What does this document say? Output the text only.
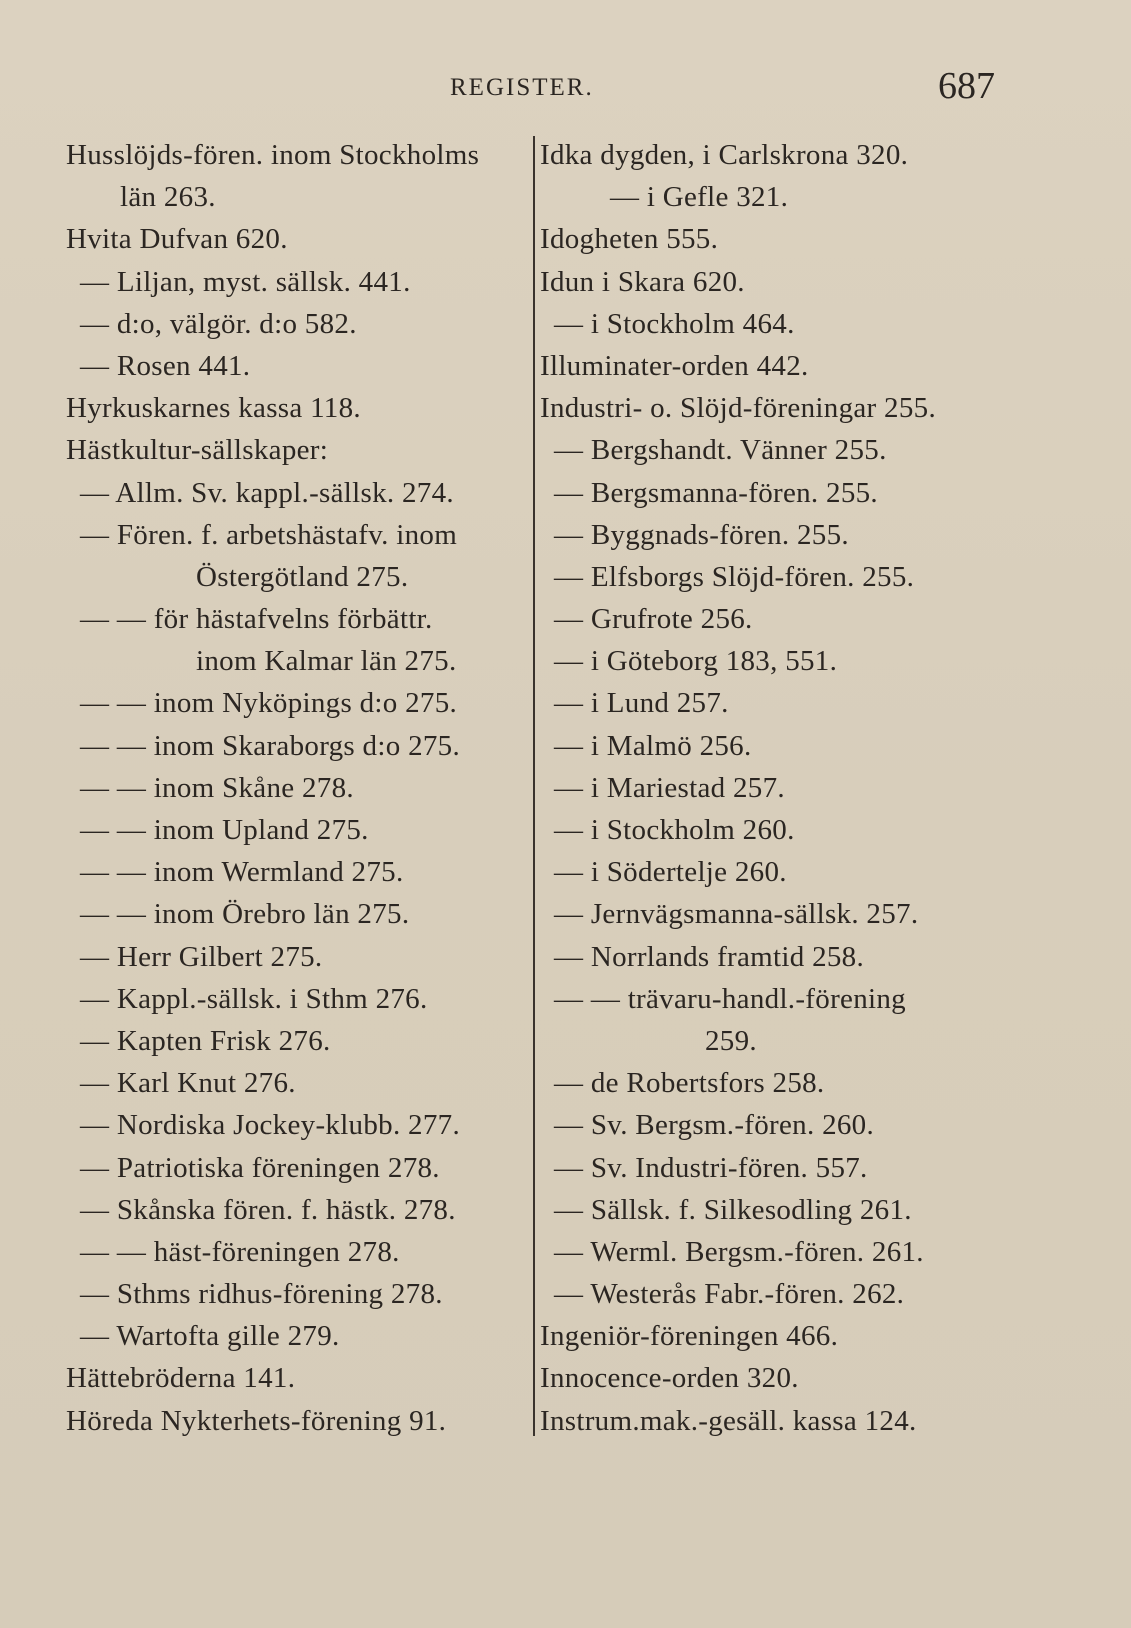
REGISTER.	687
Husslöjds-fören. inom Stockholms
län 263.
Hvita Dufvan 620.
— Liljan, myst. sällsk. 441.
— d:o, välgör. d:o 582.
— Rosen 441.
Hyrkuskarnes kassa 118.
Hästkultur-sällskaper:
— Allm. Sv. kappl.-sällsk. 274.
— Fören. f. arbetshästafv. inom
Östergötland 275.
— — för hästafvelns förbättr.
inom Kalmar län 275.
— — inom Nyköpings d:o 275.
— — inom Skaraborgs d:o 275.
— — inom Skåne 278.
— — inom Upland 275.
— — inom Wermland 275.
— — inom Örebro län 275.
— Herr Gilbert 275.
— Kappl.-sällsk. i Sthm 276.
— Kapten Frisk 276.
— Karl Knut 276.
— Nordiska Jockey-klubb. 277.
— Patriotiska föreningen 278.
— Skånska fören. f. hästk. 278.
— — häst-föreningen 278.
— Sthms ridhus-förening 278.
— Wartofta gille 279.
Hättebröderna 141.
Höreda Nykterhets-förening 91.
Idka dygden, i Carlskrona 320.
— i Gefle 321.
Idogheten 555.
Idun i Skara 620.
— i Stockholm 464.
Illuminater-orden 442.
Industri- o. Slöjd-föreningar 255.
— Bergshandt. Vänner 255.
— Bergsmanna-fören. 255.
— Byggnads-fören. 255.
— Elfsborgs Slöjd-fören. 255.
— Grufrote 256.
— i Göteborg 183, 551.
— i Lund 257.
— i Malmö 256.
— i Mariestad 257.
— i Stockholm 260.
— i Södertelje 260.
— Jernvägsmanna-sällsk. 257.
— Norrlands framtid 258.
— — trävaru-handl.-förening
259.
— de Robertsfors 258.
— Sv. Bergsm.-fören. 260.
— Sv. Industri-fören. 557.
— Sällsk. f. Silkesodling 261.
— Werml. Bergsm.-fören. 261.
— Westerås Fabr.-fören. 262.
Ingeniör-föreningen 466.
Innocence-orden 320.
Instrum.mak.-gesäll. kassa 124.
